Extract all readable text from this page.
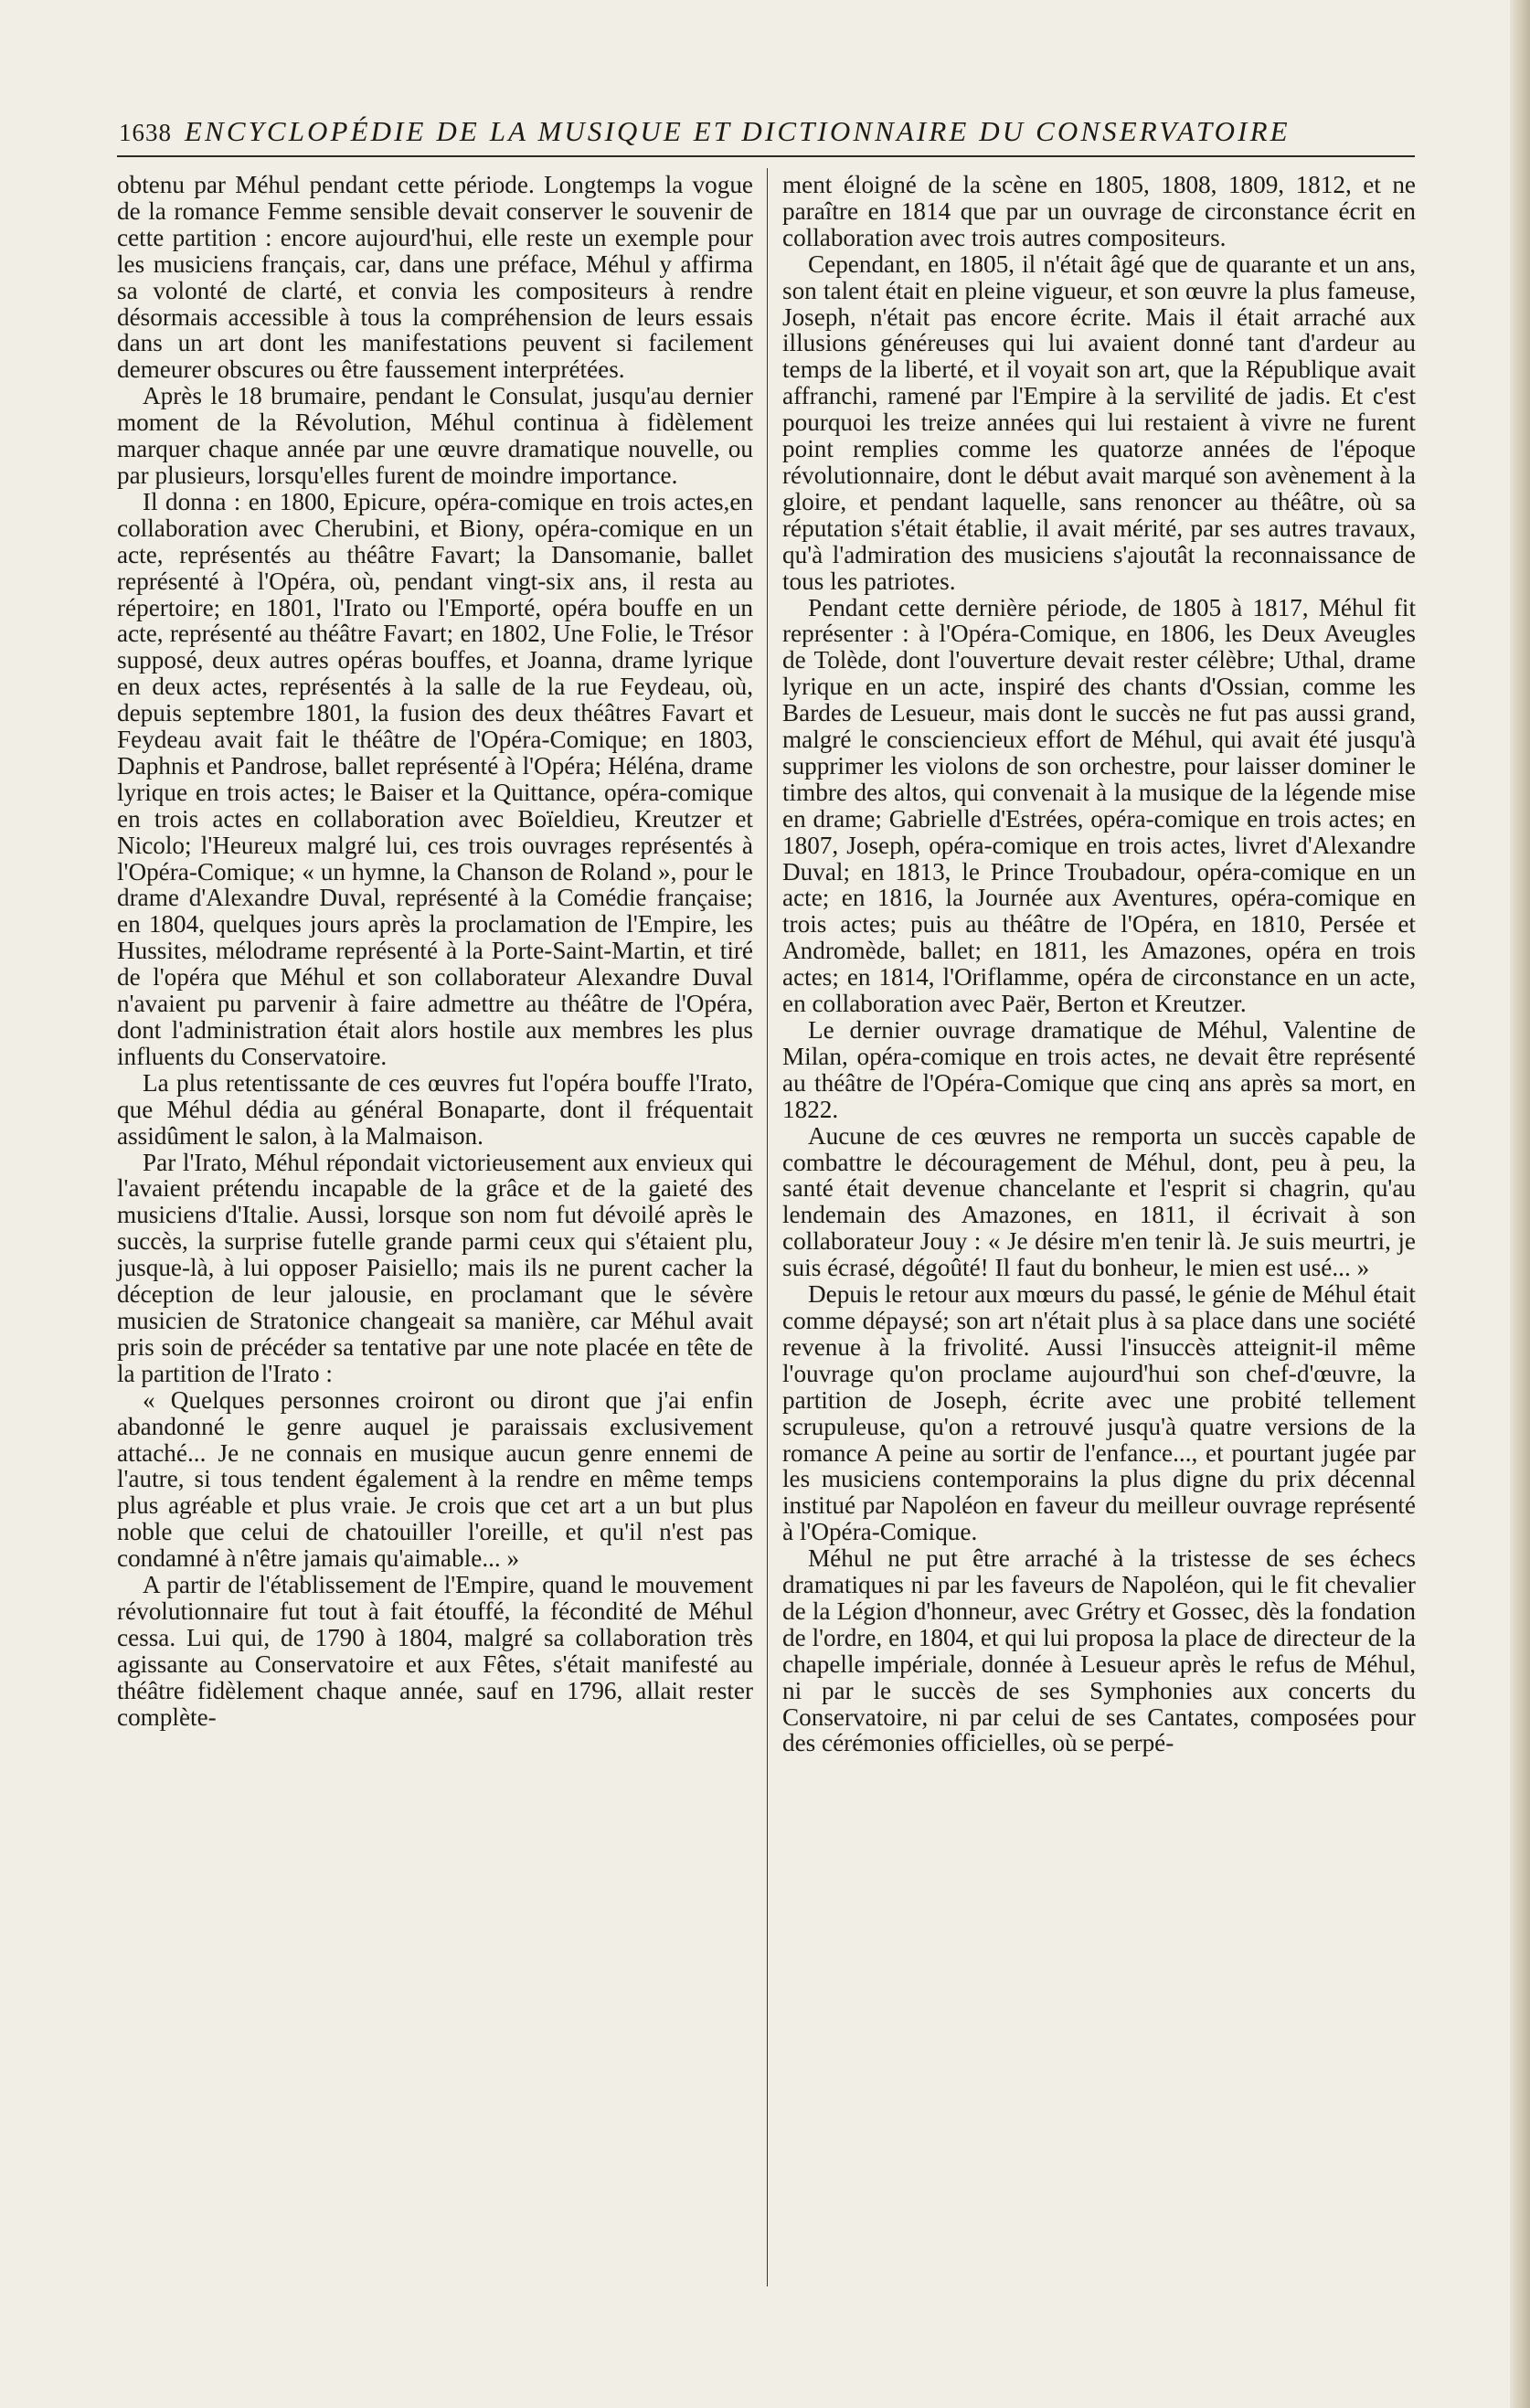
1638 ENCYCLOPÉDIE DE LA MUSIQUE ET DICTIONNAIRE DU CONSERVATOIRE

obtenu par Méhul pendant cette période. Longtemps la vogue de la romance Femme sensible devait conserver le souvenir de cette partition : encore aujourd'hui, elle reste un exemple pour les musiciens français, car, dans une préface, Méhul y affirma sa volonté de clarté, et convia les compositeurs à rendre désormais accessible à tous la compréhension de leurs essais dans un art dont les manifestations peuvent si facilement demeurer obscures ou être faussement interprétées.

Après le 18 brumaire, pendant le Consulat, jusqu'au dernier moment de la Révolution, Méhul continua à fidèlement marquer chaque année par une œuvre dramatique nouvelle, ou par plusieurs, lorsqu'elles furent de moindre importance.

Il donna : en 1800, Epicure, opéra-comique en trois actes,en collaboration avec Cherubini, et Biony, opéra-comique en un acte, représentés au théâtre Favart; la Dansomanie, ballet représenté à l'Opéra, où, pendant vingt-six ans, il resta au répertoire; en 1801, l'Irato ou l'Emporté, opéra bouffe en un acte, représenté au théâtre Favart; en 1802, Une Folie, le Trésor supposé, deux autres opéras bouffes, et Joanna, drame lyrique en deux actes, représentés à la salle de la rue Feydeau, où, depuis septembre 1801, la fusion des deux théâtres Favart et Feydeau avait fait le théâtre de l'Opéra-Comique; en 1803, Daphnis et Pandrose, ballet représenté à l'Opéra; Héléna, drame lyrique en trois actes; le Baiser et la Quittance, opéra-comique en trois actes en collaboration avec Boïeldieu, Kreutzer et Nicolo; l'Heureux malgré lui, ces trois ouvrages représentés à l'Opéra-Comique; « un hymne, la Chanson de Roland », pour le drame d'Alexandre Duval, représenté à la Comédie française; en 1804, quelques jours après la proclamation de l'Empire, les Hussites, mélodrame représenté à la Porte-Saint-Martin, et tiré de l'opéra que Méhul et son collaborateur Alexandre Duval n'avaient pu parvenir à faire admettre au théâtre de l'Opéra, dont l'administration était alors hostile aux membres les plus influents du Conservatoire.

La plus retentissante de ces œuvres fut l'opéra bouffe l'Irato, que Méhul dédia au général Bonaparte, dont il fréquentait assidûment le salon, à la Malmaison.

Par l'Irato, Méhul répondait victorieusement aux envieux qui l'avaient prétendu incapable de la grâce et de la gaieté des musiciens d'Italie. Aussi, lorsque son nom fut dévoilé après le succès, la surprise futelle grande parmi ceux qui s'étaient plu, jusque-là, à lui opposer Paisiello; mais ils ne purent cacher la déception de leur jalousie, en proclamant que le sévère musicien de Stratonice changeait sa manière, car Méhul avait pris soin de précéder sa tentative par une note placée en tête de la partition de l'Irato :

« Quelques personnes croiront ou diront que j'ai enfin abandonné le genre auquel je paraissais exclusivement attaché... Je ne connais en musique aucun genre ennemi de l'autre, si tous tendent également à la rendre en même temps plus agréable et plus vraie. Je crois que cet art a un but plus noble que celui de chatouiller l'oreille, et qu'il n'est pas condamné à n'être jamais qu'aimable... »

A partir de l'établissement de l'Empire, quand le mouvement révolutionnaire fut tout à fait étouffé, la fécondité de Méhul cessa. Lui qui, de 1790 à 1804, malgré sa collaboration très agissante au Conservatoire et aux Fêtes, s'était manifesté au théâtre fidèlement chaque année, sauf en 1796, allait rester complète-

ment éloigné de la scène en 1805, 1808, 1809, 1812, et ne paraître en 1814 que par un ouvrage de circonstance écrit en collaboration avec trois autres compositeurs.

Cependant, en 1805, il n'était âgé que de quarante et un ans, son talent était en pleine vigueur, et son œuvre la plus fameuse, Joseph, n'était pas encore écrite. Mais il était arraché aux illusions généreuses qui lui avaient donné tant d'ardeur au temps de la liberté, et il voyait son art, que la République avait affranchi, ramené par l'Empire à la servilité de jadis. Et c'est pourquoi les treize années qui lui restaient à vivre ne furent point remplies comme les quatorze années de l'époque révolutionnaire, dont le début avait marqué son avènement à la gloire, et pendant laquelle, sans renoncer au théâtre, où sa réputation s'était établie, il avait mérité, par ses autres travaux, qu'à l'admiration des musiciens s'ajoutât la reconnaissance de tous les patriotes.

Pendant cette dernière période, de 1805 à 1817, Méhul fit représenter : à l'Opéra-Comique, en 1806, les Deux Aveugles de Tolède, dont l'ouverture devait rester célèbre; Uthal, drame lyrique en un acte, inspiré des chants d'Ossian, comme les Bardes de Lesueur, mais dont le succès ne fut pas aussi grand, malgré le consciencieux effort de Méhul, qui avait été jusqu'à supprimer les violons de son orchestre, pour laisser dominer le timbre des altos, qui convenait à la musique de la légende mise en drame; Gabrielle d'Estrées, opéra-comique en trois actes; en 1807, Joseph, opéra-comique en trois actes, livret d'Alexandre Duval; en 1813, le Prince Troubadour, opéra-comique en un acte; en 1816, la Journée aux Aventures, opéra-comique en trois actes; puis au théâtre de l'Opéra, en 1810, Persée et Andromède, ballet; en 1811, les Amazones, opéra en trois actes; en 1814, l'Oriflamme, opéra de circonstance en un acte, en collaboration avec Paër, Berton et Kreutzer.

Le dernier ouvrage dramatique de Méhul, Valentine de Milan, opéra-comique en trois actes, ne devait être représenté au théâtre de l'Opéra-Comique que cinq ans après sa mort, en 1822.

Aucune de ces œuvres ne remporta un succès capable de combattre le découragement de Méhul, dont, peu à peu, la santé était devenue chancelante et l'esprit si chagrin, qu'au lendemain des Amazones, en 1811, il écrivait à son collaborateur Jouy : « Je désire m'en tenir là. Je suis meurtri, je suis écrasé, dégoûté! Il faut du bonheur, le mien est usé... »

Depuis le retour aux mœurs du passé, le génie de Méhul était comme dépaysé; son art n'était plus à sa place dans une société revenue à la frivolité. Aussi l'insuccès atteignit-il même l'ouvrage qu'on proclame aujourd'hui son chef-d'œuvre, la partition de Joseph, écrite avec une probité tellement scrupuleuse, qu'on a retrouvé jusqu'à quatre versions de la romance A peine au sortir de l'enfance..., et pourtant jugée par les musiciens contemporains la plus digne du prix décennal institué par Napoléon en faveur du meilleur ouvrage représenté à l'Opéra-Comique.

Méhul ne put être arraché à la tristesse de ses échecs dramatiques ni par les faveurs de Napoléon, qui le fit chevalier de la Légion d'honneur, avec Grétry et Gossec, dès la fondation de l'ordre, en 1804, et qui lui proposa la place de directeur de la chapelle impériale, donnée à Lesueur après le refus de Méhul, ni par le succès de ses Symphonies aux concerts du Conservatoire, ni par celui de ses Cantates, composées pour des cérémonies officielles, où se perpé-
